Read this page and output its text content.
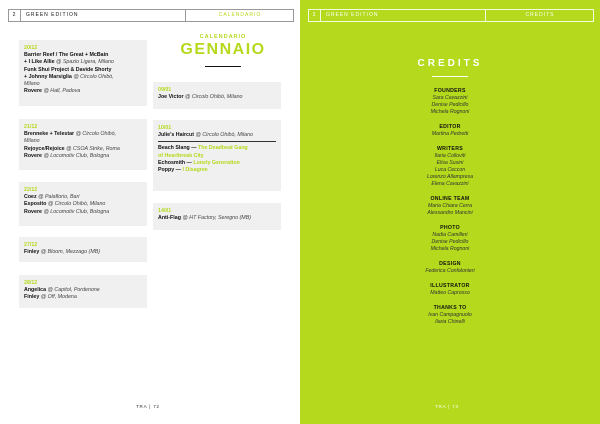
2	GREEN EDITION	CALENDARIO
20/12
Barrier Reef / The Great + McBain
+ I Like Allie @ Spazio Ligera, Milano
Funk Shui Project & Davide Shorty
+ Johnny Marsiglia @ Circolo Ohibò,
Milano
Rovere @ Hall, Padova
21/12
Brenneke + Telestar @ Circolo Ohibò,
Milano
Rejoyce/Rejoice @ CSOA Strike, Roma
Rovere @ Locomotiv Club, Bologna
22/12
Coez @ Palaflorio, Bari
Esposito @ Circolo Ohibò, Milano
Rovere @ Locomotiv Club, Bologna
27/12
Finley @ Bloom, Mezzago (MB)
28/12
Angelica @ Capitol, Pordenone
Finley @ Off, Modena
CALENDARIO
GENNAIO
09/01
Joe Victor @ Circolo Ohibò, Milano
10/01
Julie's Haircut @ Circolo Ohibò, Milano
Beach Slang — The Deadbeat Gang
of Heartbreak City
Echosmith — Lonely Generation
Poppy — I Disagree
14/01
Anti-Flag @ HT Factory, Seregno (MB)
TRA | 72
3	GREEN EDITION	CREDITS
TRA | 73
CREDITS
FOUNDERS
Sara Cavazzini
Denise Pedicillo
Michela Rognoni
EDITOR
Martina Pedretti
WRITERS
Ilaria Colloviti
Elisa Susini
Luca Ceccon
Lorenzo Allampresa
Elena Cavazzini
ONLINE TEAM
Maria Chiara Cerra
Alessandro Mancini
PHOTO
Nadia Camilleri
Denise Pedicillo
Michela Rognoni
DESIGN
Federica Confalonieri
ILLUSTRATOR
Matteo Caprosso
THANKS TO
Ivan Campagnuolo
Ilaria Chinelli
